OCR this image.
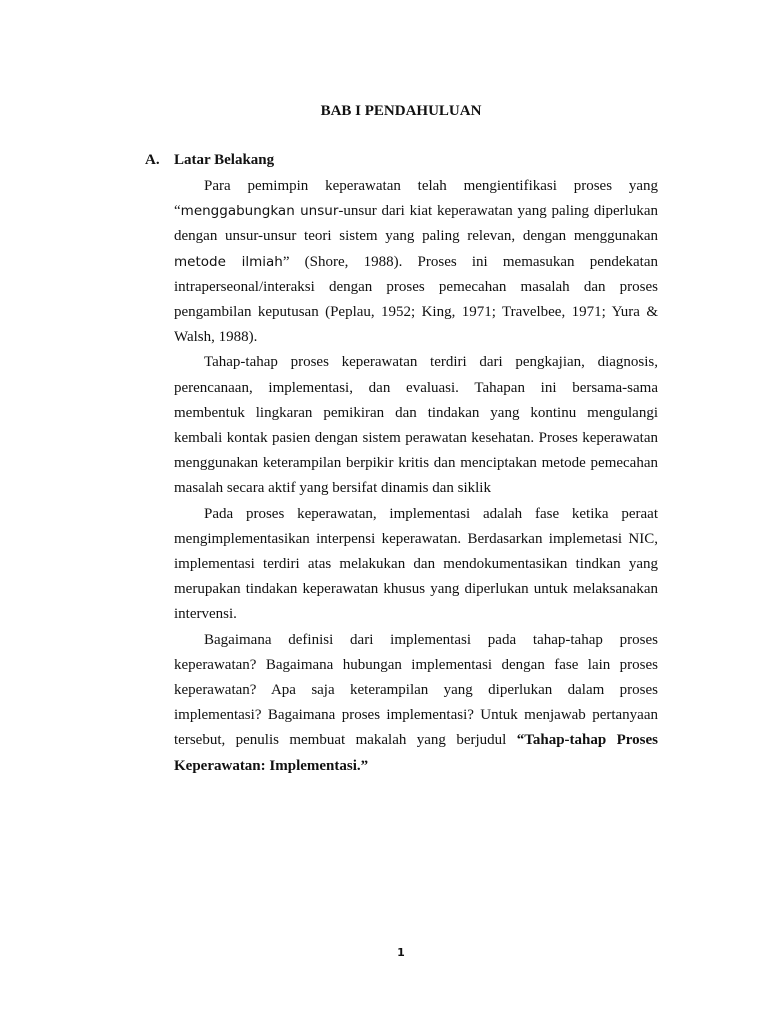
BAB I PENDAHULUAN
A. Latar Belakang

Para pemimpin keperawatan telah mengientifikasi proses yang “menggabungkan unsur-unsur dari kiat keperawatan yang paling diperlukan dengan unsur-unsur teori sistem yang paling relevan, dengan menggunakan metode ilmiah” (Shore, 1988). Proses ini memasukan pendekatan intraperseonal/interaksi dengan proses pemecahan masalah dan proses pengambilan keputusan (Peplau, 1952; King, 1971; Travelbee, 1971; Yura & Walsh, 1988).

Tahap-tahap proses keperawatan terdiri dari pengkajian, diagnosis, perencanaan, implementasi, dan evaluasi. Tahapan ini bersama-sama membentuk lingkaran pemikiran dan tindakan yang kontinu mengulangi kembali kontak pasien dengan sistem perawatan kesehatan. Proses keperawatan menggunakan keterampilan berpikir kritis dan menciptakan metode pemecahan masalah secara aktif yang bersifat dinamis dan siklik

Pada proses keperawatan, implementasi adalah fase ketika peraat mengimplementasikan interpensi keperawatan. Berdasarkan implemetasi NIC, implementasi terdiri atas melakukan dan mendokumentasikan tindkan yang merupakan tindakan keperawatan khusus yang diperlukan untuk melaksanakan intervensi.

Bagaimana definisi dari implementasi pada tahap-tahap proses keperawatan? Bagaimana hubungan implementasi dengan fase lain proses keperawatan? Apa saja keterampilan yang diperlukan dalam proses implementasi? Bagaimana proses implementasi? Untuk menjawab pertanyaan tersebut, penulis membuat makalah yang berjudul “Tahap-tahap Proses Keperawatan: Implementasi.”

1
